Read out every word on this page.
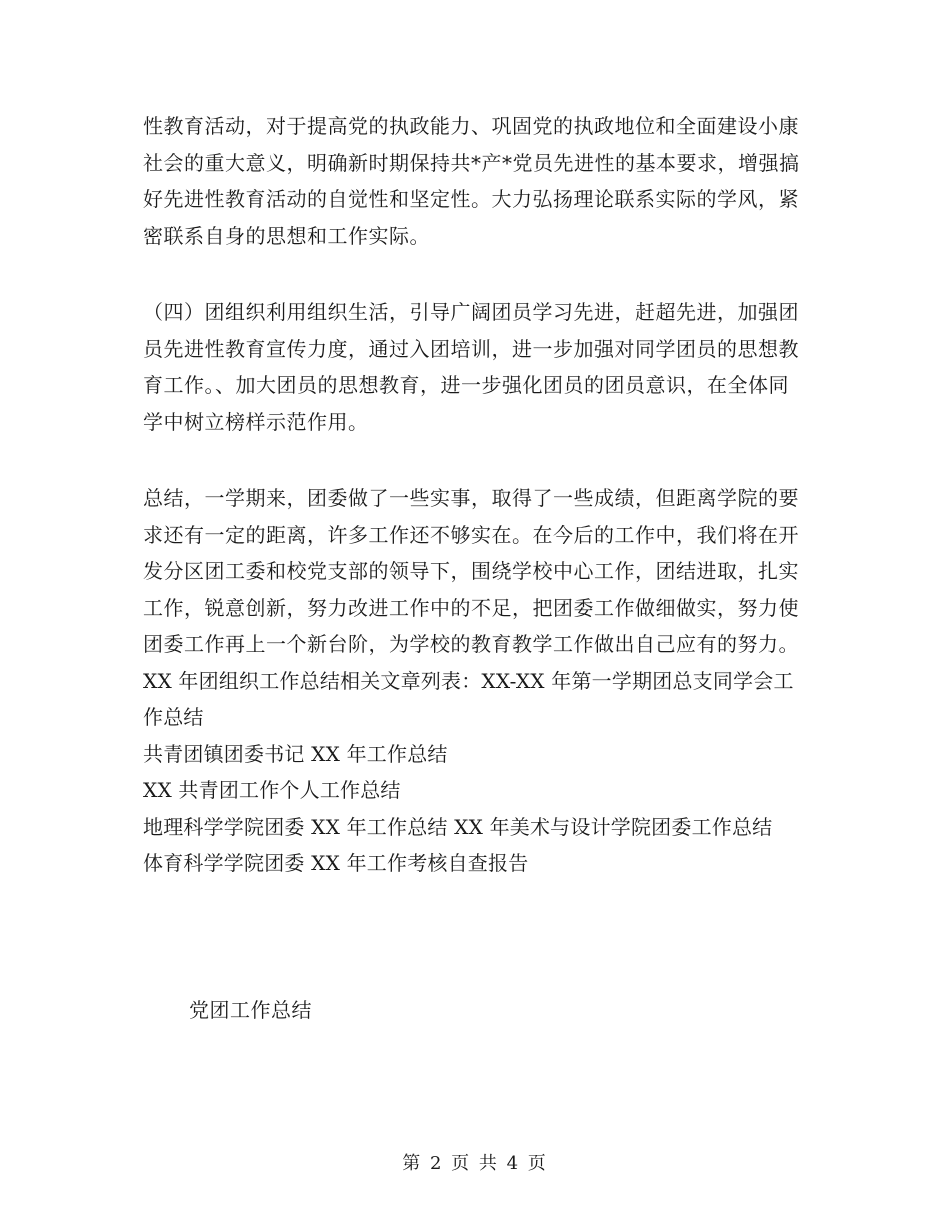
性教育活动，对于提高党的执政能力、巩固党的执政地位和全面建设小康社会的重大意义，明确新时期保持共*产*党员先进性的基本要求，增强搞好先进性教育活动的自觉性和坚定性。大力弘扬理论联系实际的学风，紧密联系自身的思想和工作实际。

（四）团组织利用组织生活，引导广阔团员学习先进，赶超先进，加强团员先进性教育宣传力度，通过入团培训，进一步加强对同学团员的思想教育工作。、加大团员的思想教育，进一步强化团员的团员意识，在全体同学中树立榜样示范作用。

总结，一学期来，团委做了一些实事，取得了一些成绩，但距离学院的要求还有一定的距离，许多工作还不够实在。在今后的工作中，我们将在开发分区团工委和校党支部的领导下，围绕学校中心工作，团结进取，扎实工作，锐意创新，努力改进工作中的不足，把团委工作做细做实，努力使团委工作再上一个新台阶，为学校的教育教学工作做出自己应有的努力。

XX 年团组织工作总结相关文章列表：XX-XX 年第一学期团总支同学会工作总结

共青团镇团委书记 XX 年工作总结

XX 共青团工作个人工作总结

地理科学学院团委 XX 年工作总结 XX 年美术与设计学院团委工作总结

体育科学学院团委 XX 年工作考核自查报告

党团工作总结
第 2 页 共 4 页
